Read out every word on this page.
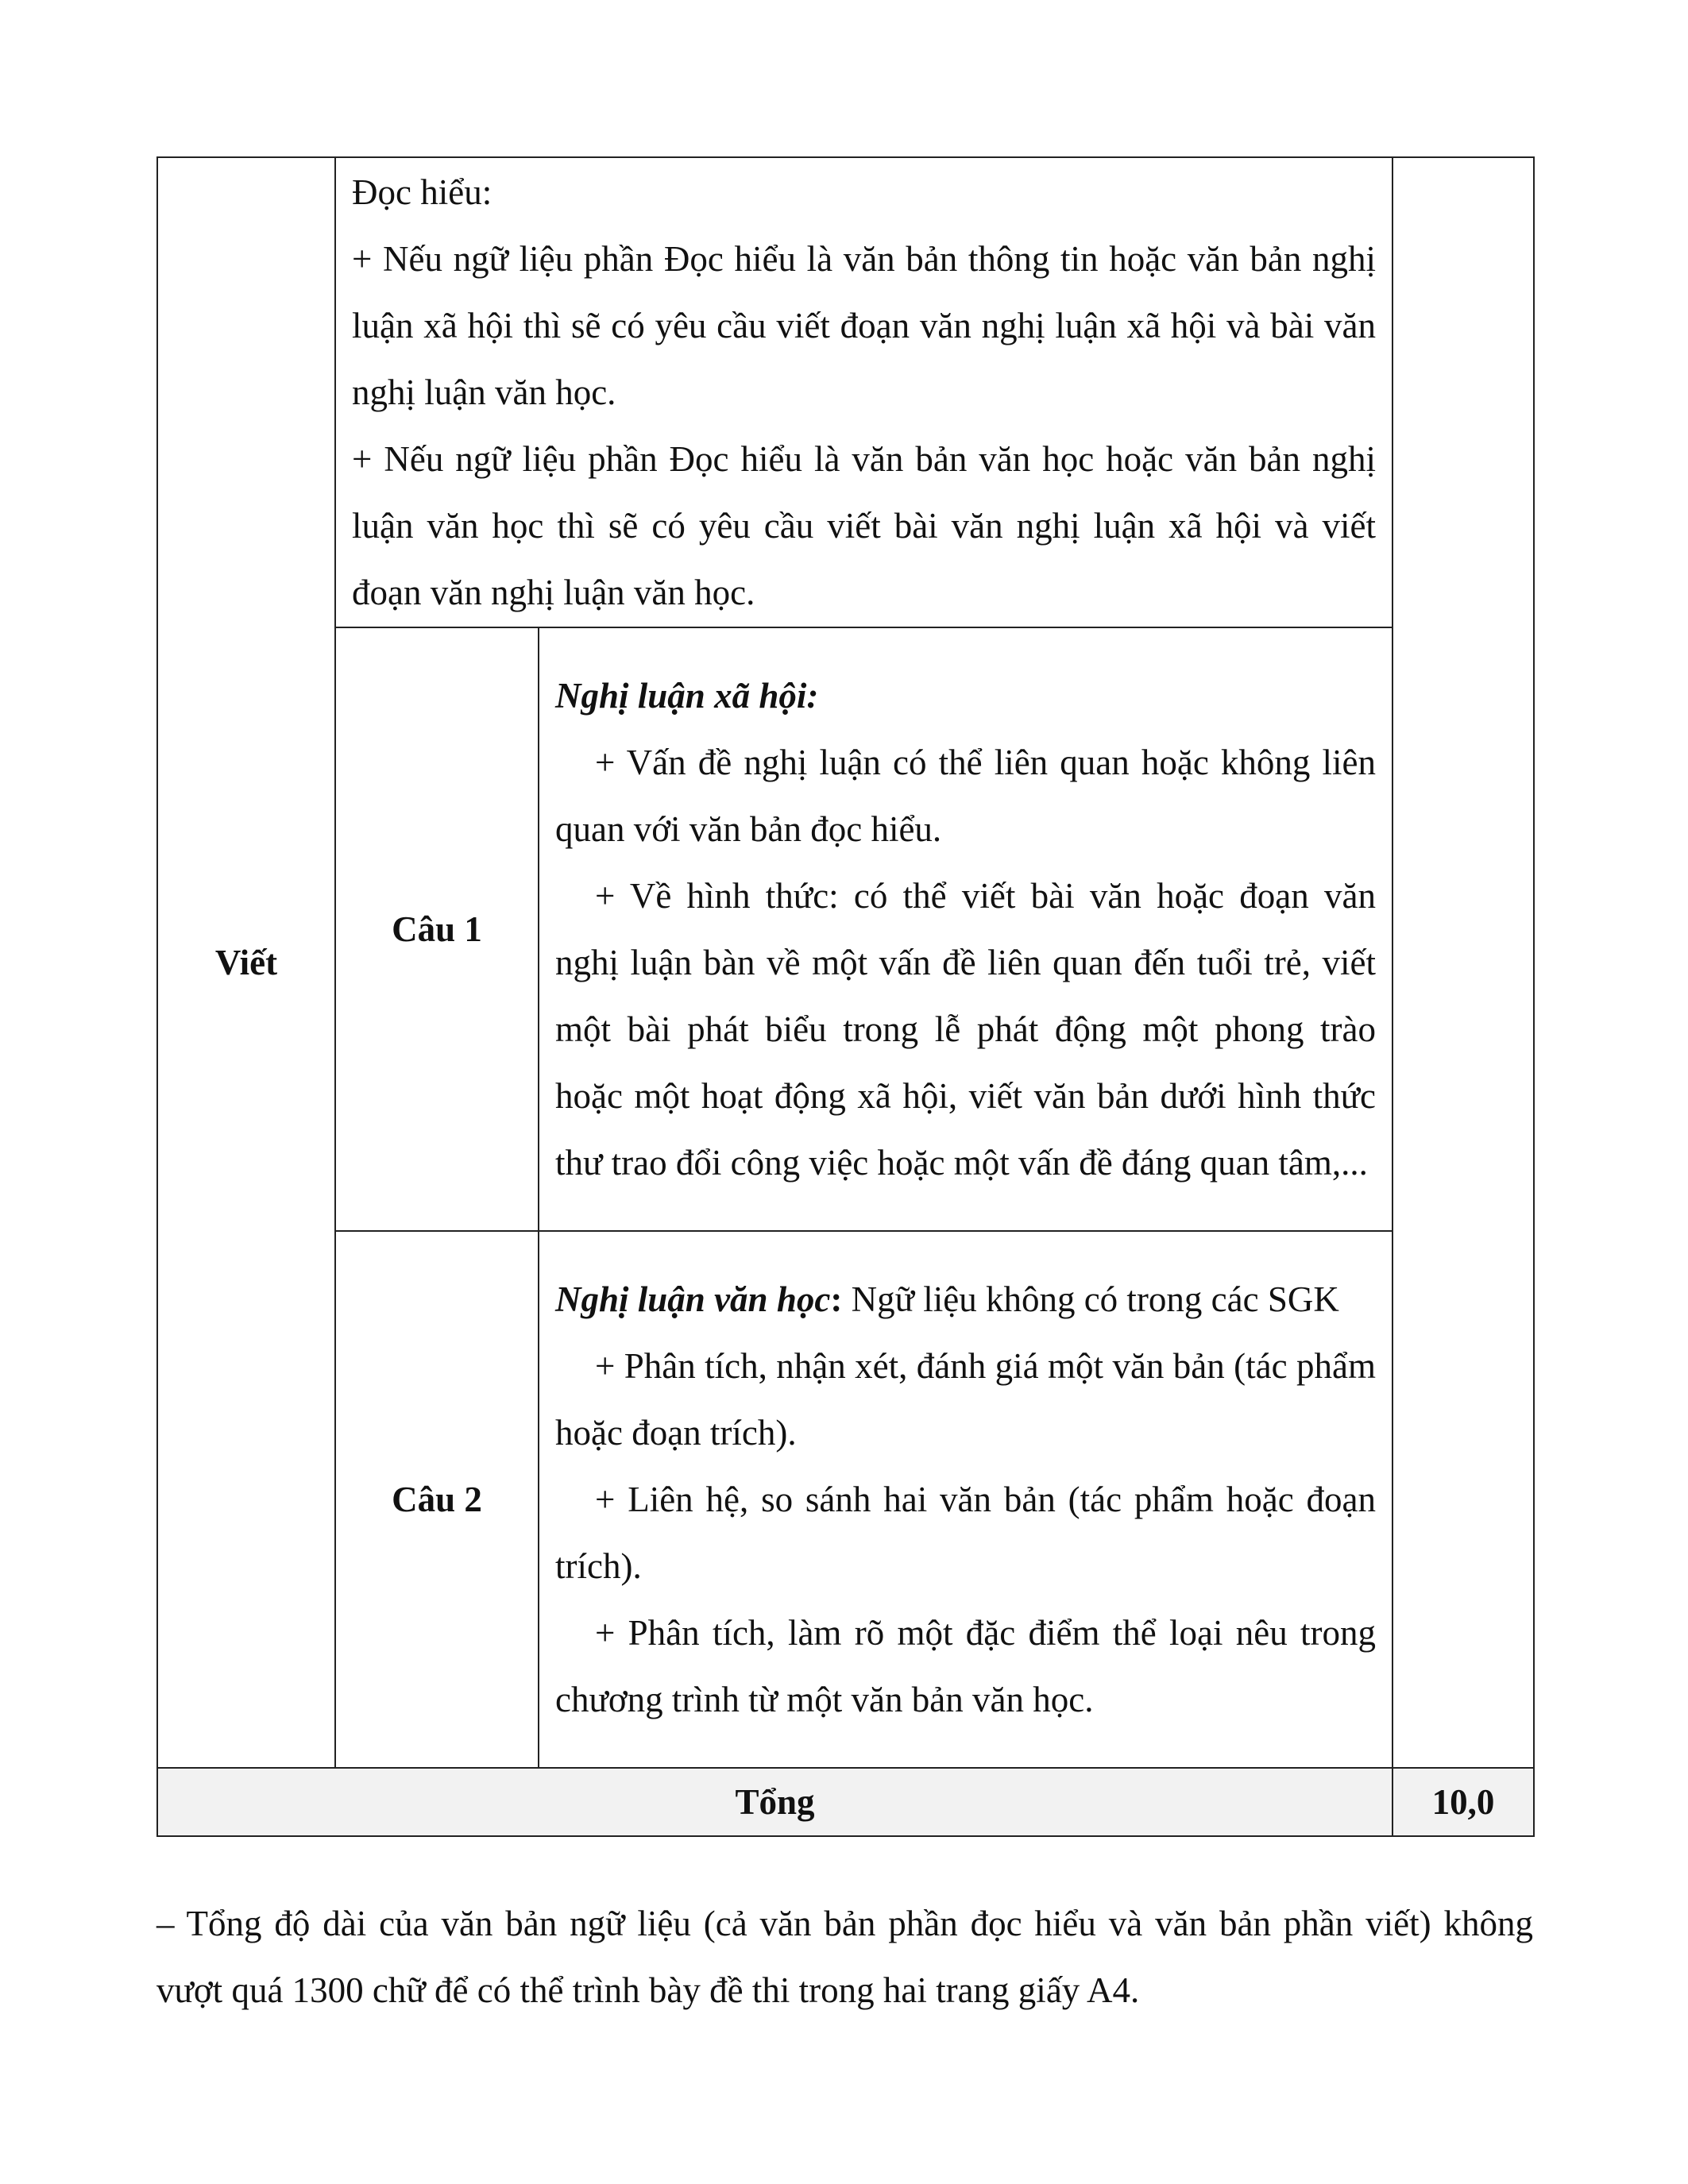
Viết	Đọc hiểu:

+ Nếu ngữ liệu phần Đọc hiểu là văn bản thông tin hoặc văn bản nghị luận xã hội thì sẽ có yêu cầu viết đoạn văn nghị luận xã hội và bài văn nghị luận văn học.

+ Nếu ngữ liệu phần Đọc hiểu là văn bản văn học hoặc văn bản nghị luận văn học thì sẽ có yêu cầu viết bài văn nghị luận xã hội và viết đoạn văn nghị luận văn học.		

	Câu 1	Nghị luận xã hội:

+ Vấn đề nghị luận có thể liên quan hoặc không liên quan với văn bản đọc hiểu.

+ Về hình thức: có thể viết bài văn hoặc đoạn văn nghị luận bàn về một vấn đề liên quan đến tuổi trẻ, viết một bài phát biểu trong lễ phát động một phong trào hoặc một hoạt động xã hội, viết văn bản dưới hình thức thư trao đổi công việc hoặc một vấn đề đáng quan tâm,...	

	Câu 2	Nghị luận văn học: Ngữ liệu không có trong các SGK

+ Phân tích, nhận xét, đánh giá một văn bản (tác phẩm hoặc đoạn trích).

+ Liên hệ, so sánh hai văn bản (tác phẩm hoặc đoạn trích).

+ Phân tích, làm rõ một đặc điểm thể loại nêu trong chương trình từ một văn bản văn học.	

Tổng			10,0

– Tổng độ dài của văn bản ngữ liệu (cả văn bản phần đọc hiểu và văn bản phần viết) không vượt quá 1300 chữ để có thể trình bày đề thi trong hai trang giấy A4.
